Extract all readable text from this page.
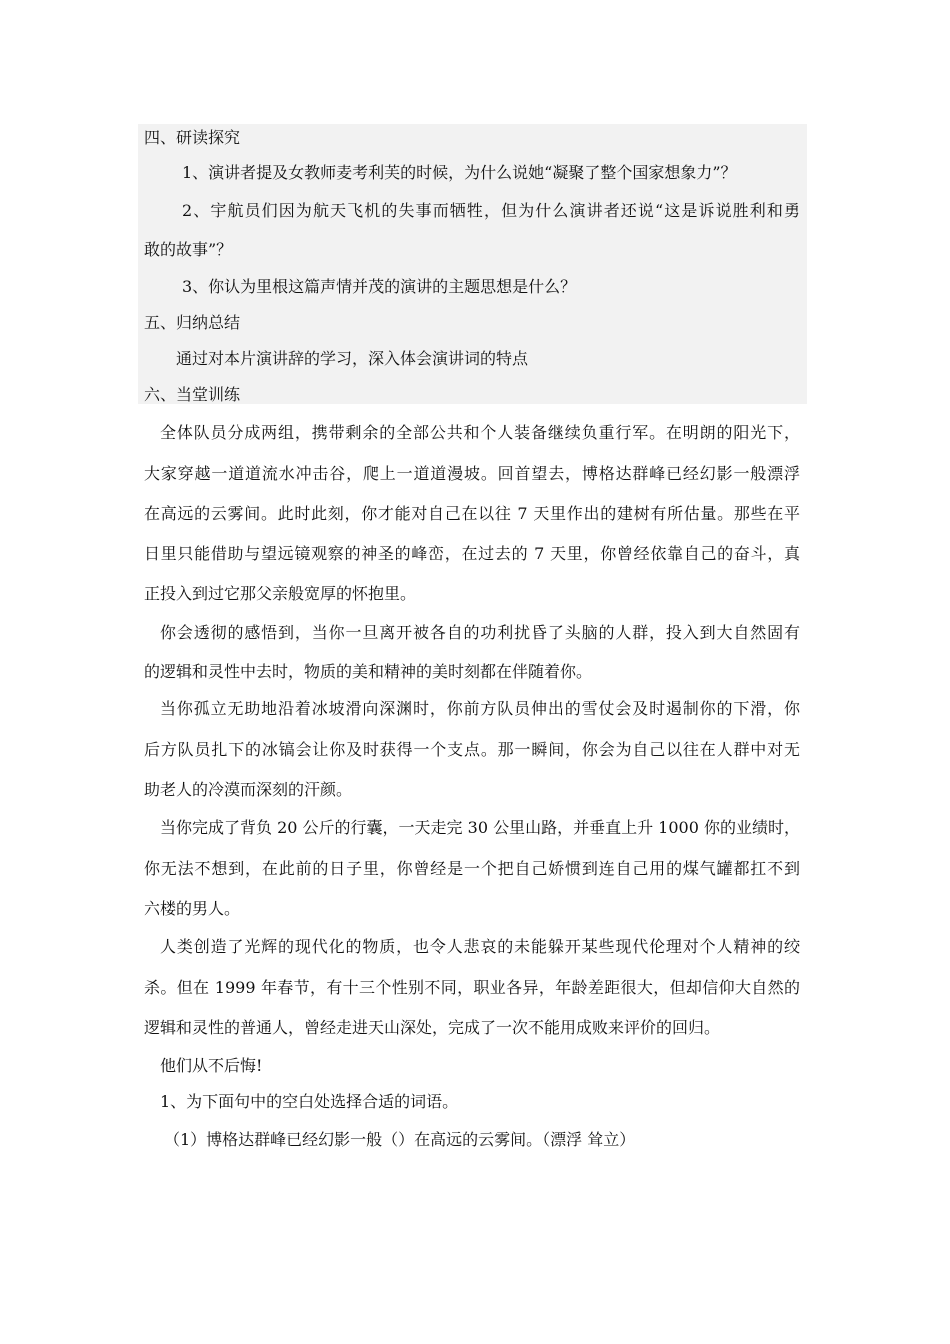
四、研读探究
1、演讲者提及女教师麦考利芙的时候，为什么说她“凝聚了整个国家想象力”？
2、宇航员们因为航天飞机的失事而牺牲，但为什么演讲者还说“这是诉说胜利和勇
敢的故事”？
3、你认为里根这篇声情并茂的演讲的主题思想是什么？
五、归纳总结
通过对本片演讲辞的学习，深入体会演讲词的特点
六、当堂训练
全体队员分成两组，携带剩余的全部公共和个人装备继续负重行军。在明朗的阳光下，
大家穿越一道道流水冲击谷，爬上一道道漫坡。回首望去，博格达群峰已经幻影一般漂浮
在高远的云雾间。此时此刻，你才能对自己在以往 7 天里作出的建树有所估量。那些在平
日里只能借助与望远镜观察的神圣的峰峦，在过去的 7 天里，你曾经依靠自己的奋斗，真
正投入到过它那父亲般宽厚的怀抱里。
你会透彻的感悟到，当你一旦离开被各自的功利扰昏了头脑的人群，投入到大自然固有
的逻辑和灵性中去时，物质的美和精神的美时刻都在伴随着你。
当你孤立无助地沿着冰坡滑向深渊时，你前方队员伸出的雪仗会及时遏制你的下滑，你
后方队员扎下的冰镐会让你及时获得一个支点。那一瞬间，你会为自己以往在人群中对无
助老人的冷漠而深刻的汗颜。
当你完成了背负 20 公斤的行囊，一天走完 30 公里山路，并垂直上升 1000 你的业绩时，
你无法不想到，在此前的日子里，你曾经是一个把自己娇惯到连自己用的煤气罐都扛不到
六楼的男人。
人类创造了光辉的现代化的物质，也令人悲哀的未能躲开某些现代伦理对个人精神的绞
杀。但在 1999 年春节，有十三个性别不同，职业各异，年龄差距很大，但却信仰大自然的
逻辑和灵性的普通人，曾经走进天山深处，完成了一次不能用成败来评价的回归。
他们从不后悔!
1、为下面句中的空白处选择合适的词语。
（1）博格达群峰已经幻影一般（）在高远的云雾间。（漂浮 耸立）
